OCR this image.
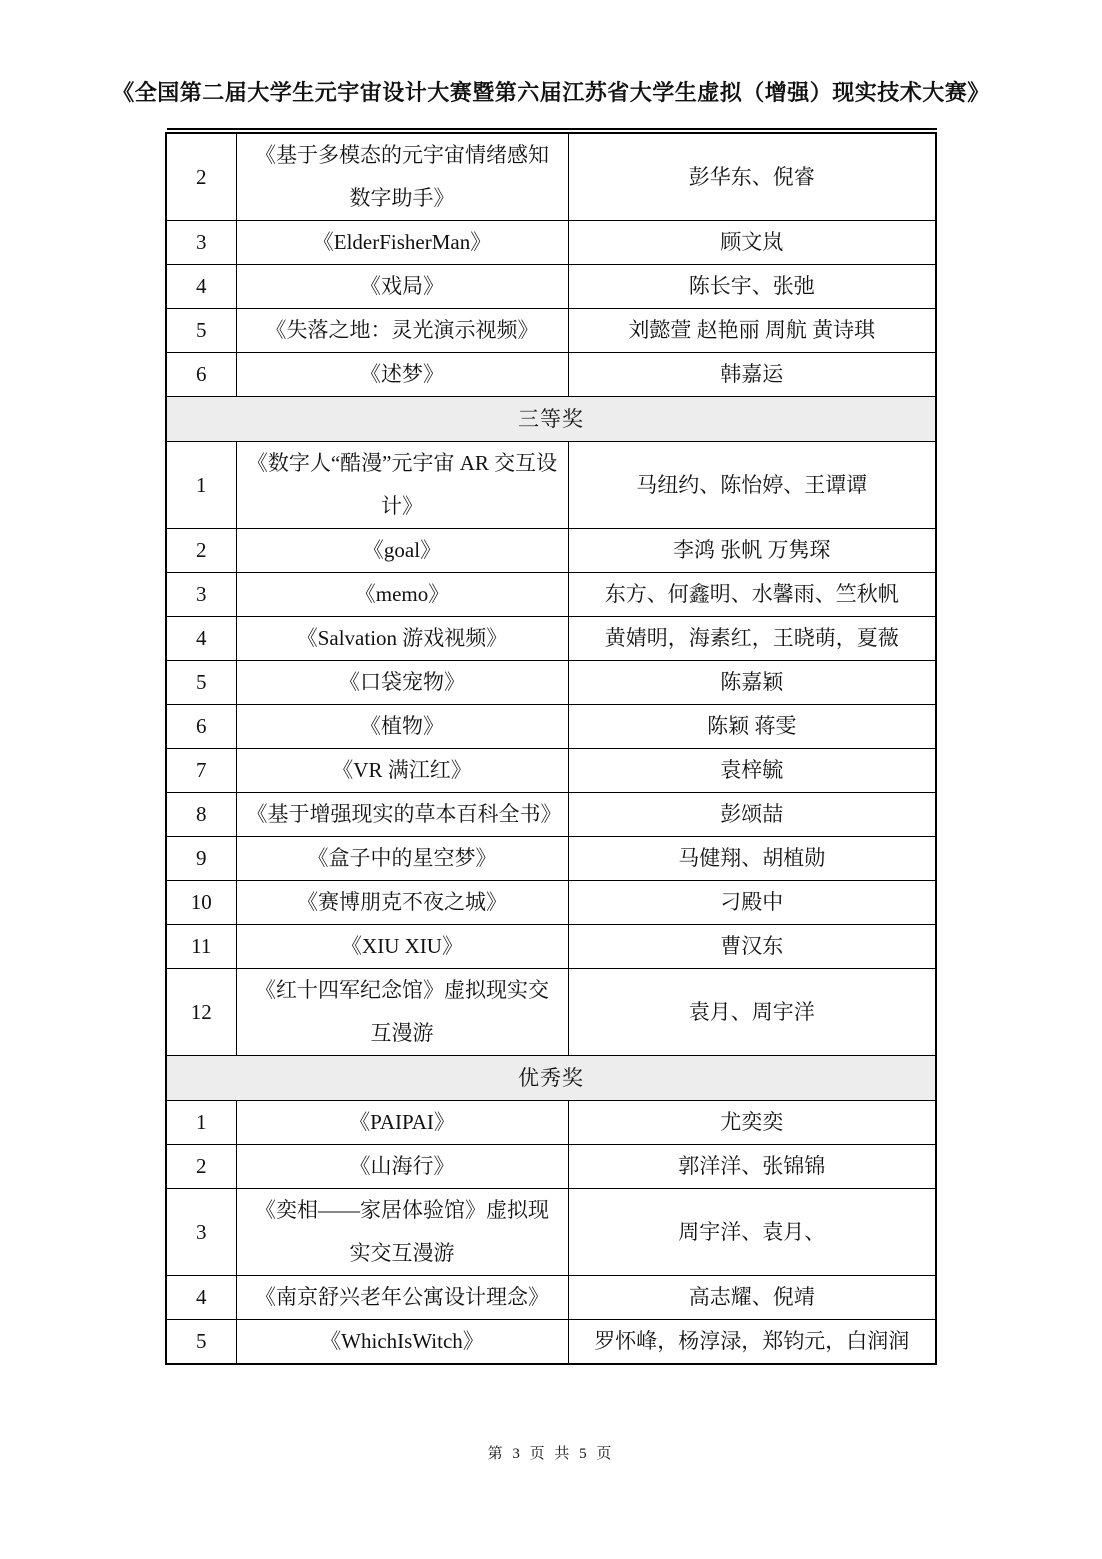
《全国第二届大学生元宇宙设计大赛暨第六届江苏省大学生虚拟（增强）现实技术大赛》
2	《基于多模态的元宇宙情绪感知数字助手》	彭华东、倪睿
3	《ElderFisherMan》	顾文岚
4	《戏局》	陈长宇、张弛
5	《失落之地：灵光演示视频》	刘懿萱 赵艳丽 周航 黄诗琪
6	《述梦》	韩嘉运
三等奖		
1	《数字人“酷漫”元宇宙 AR 交互设计》	马纽约、陈怡婷、王谭谭
2	《goal》	李鸿 张帆 万隽琛
3	《memo》	东方、何鑫明、水馨雨、竺秋帆
4	《Salvation 游戏视频》	黄婧明，海素红，王晓萌，夏薇
5	《口袋宠物》	陈嘉颖
6	《植物》	陈颖 蒋雯
7	《VR 满江红》	袁梓毓
8	《基于增强现实的草本百科全书》	彭颂喆
9	《盒子中的星空梦》	马健翔、胡植勋
10	《赛博朋克不夜之城》	刁殿中
11	《XIU XIU》	曹汉东
12	《红十四军纪念馆》虚拟现实交互漫游	袁月、周宇洋
优秀奖		
1	《PAIPAI》	尤奕奕
2	《山海行》	郭洋洋、张锦锦
3	《奕相——家居体验馆》虚拟现实交互漫游	周宇洋、袁月、
4	《南京舒兴老年公寓设计理念》	高志耀、倪靖
5	《WhichIsWitch》	罗怀峰，杨淳渌，郑钧元，白润润
第 3 页 共 5 页
